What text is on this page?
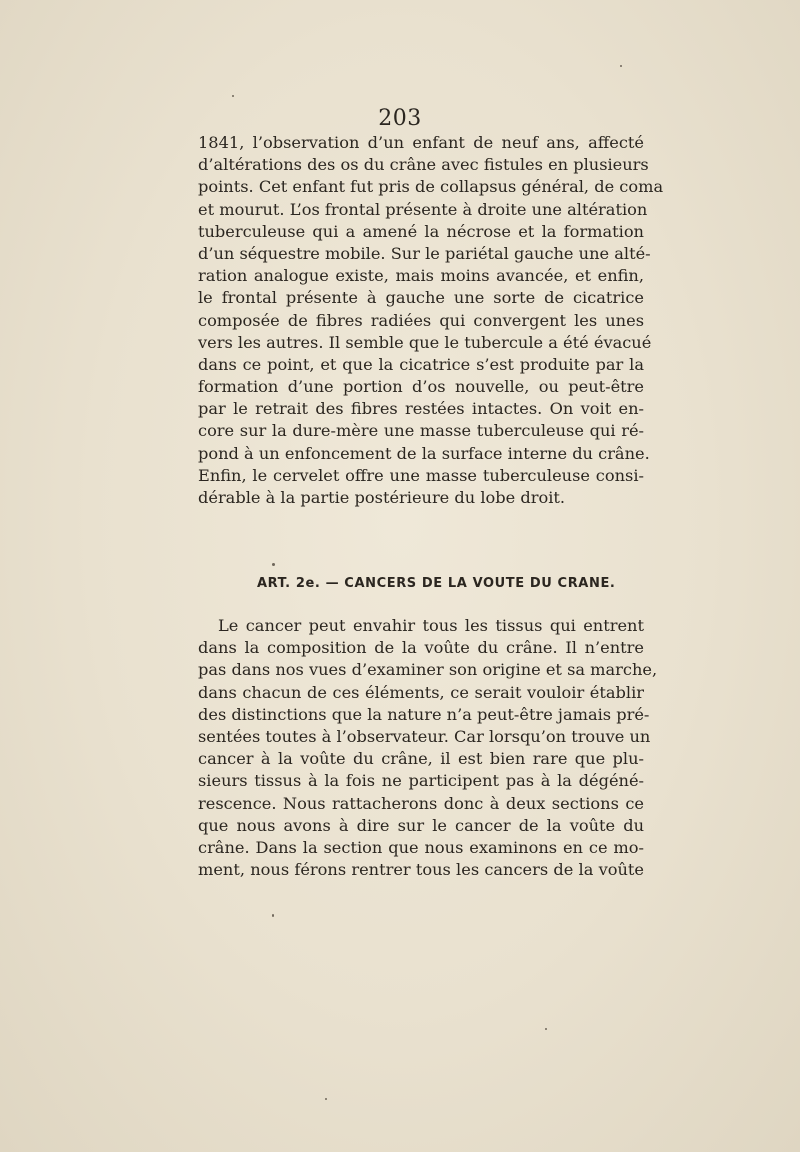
203
1841, l’observation d’un enfant de neuf ans, affecté
d’altérations des os du crâne avec fistules en plusieurs
points. Cet enfant fut pris de collapsus général, de coma
et mourut. L’os frontal présente à droite une altération
tuberculeuse qui a amené la nécrose et la formation
d’un séquestre mobile. Sur le pariétal gauche une alté-
ration analogue existe, mais moins avancée, et enfin,
le frontal présente à gauche une sorte de cicatrice
composée de fibres radiées qui convergent les unes
vers les autres. Il semble que le tubercule a été évacué
dans ce point, et que la cicatrice s’est produite par la
formation d’une portion d’os nouvelle, ou peut-être
par le retrait des fibres restées intactes. On voit en-
core sur la dure-mère une masse tuberculeuse qui ré-
pond à un enfoncement de la surface interne du crâne.
Enfin, le cervelet offre une masse tuberculeuse consi-
dérable à la partie postérieure du lobe droit.
ART. 2e. — CANCERS DE LA VOUTE DU CRANE.
Le cancer peut envahir tous les tissus qui entrent
dans la composition de la voûte du crâne. Il n’entre
pas dans nos vues d’examiner son origine et sa marche,
dans chacun de ces éléments, ce serait vouloir établir
des distinctions que la nature n’a peut-être jamais pré-
sentées toutes à l’observateur. Car lorsqu’on trouve un
cancer à la voûte du crâne, il est bien rare que plu-
sieurs tissus à la fois ne participent pas à la dégéné-
rescence. Nous rattacherons donc à deux sections ce
que nous avons à dire sur le cancer de la voûte du
crâne. Dans la section que nous examinons en ce mo-
ment, nous férons rentrer tous les cancers de la voûte
